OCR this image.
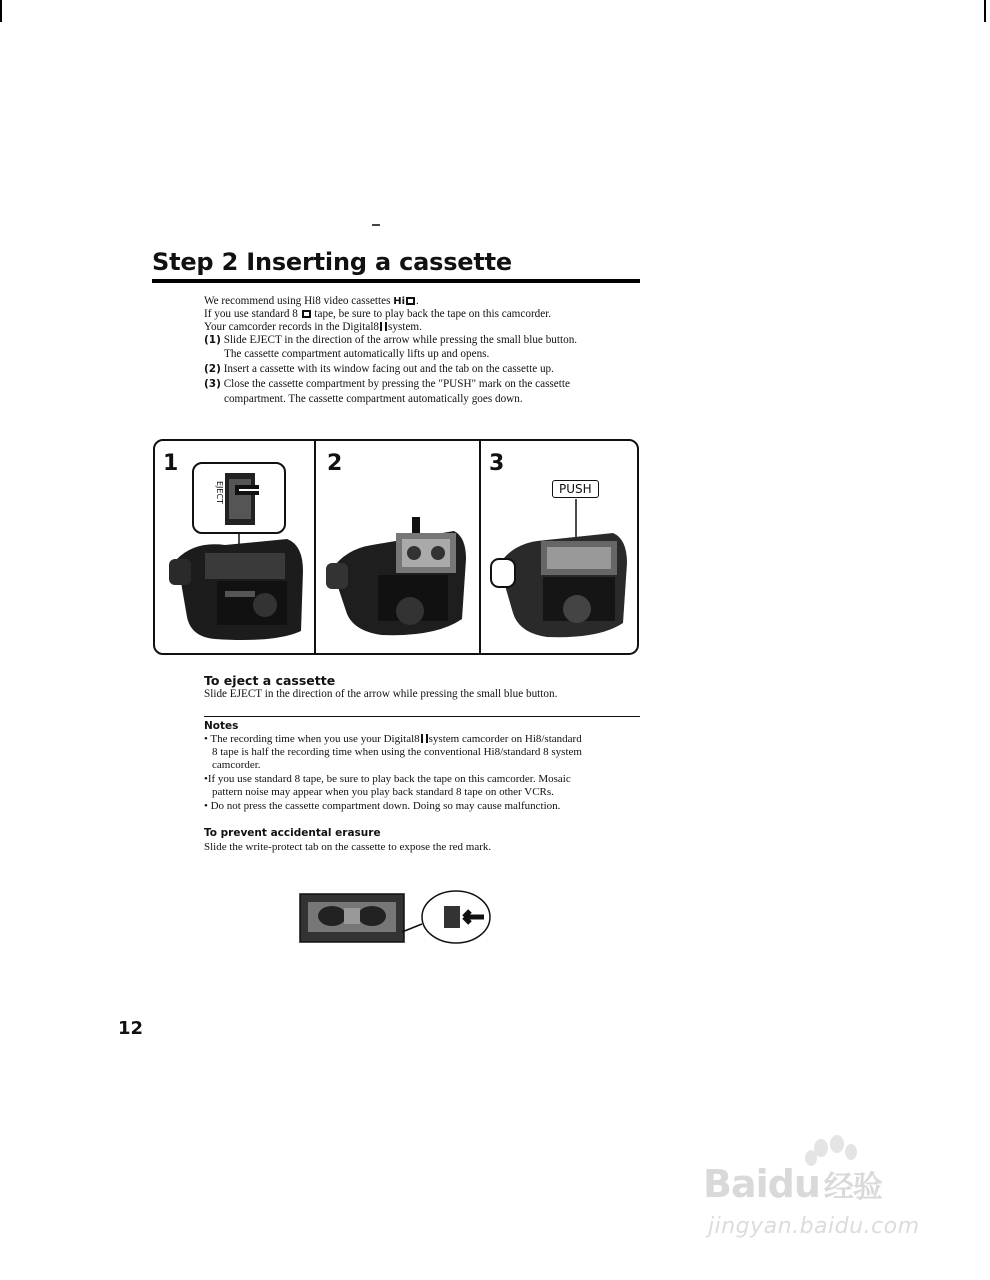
Step 2 Inserting a cassette
We recommend using Hi8 video cassettes Hi .
If you use standard 8 tape, be sure to play back the tape on this camcorder.
Your camcorder records in the Digital8 system.
(1) Slide EJECT in the direction of the arrow while pressing the small blue button.
The cassette compartment automatically lifts up and opens.
(2) Insert a cassette with its window facing out and the tab on the cassette up.
(3) Close the cassette compartment by pressing the "PUSH" mark on the cassette
compartment. The cassette compartment automatically goes down.
1	2	3
EJECT	PUSH
To eject a cassette
Slide EJECT in the direction of the arrow while pressing the small blue button.
Notes
• The recording time when you use your Digital8 system camcorder on Hi8/standard
8 tape is half the recording time when using the conventional Hi8/standard 8 system
camcorder.
•If you use standard 8 tape, be sure to play back the tape on this camcorder. Mosaic
pattern noise may appear when you play back standard 8 tape on other VCRs.
• Do not press the cassette compartment down. Doing so may cause malfunction.
To prevent accidental erasure
Slide the write-protect tab on the cassette to expose the red mark.
12
Baidu 经验
jingyan.baidu.com
